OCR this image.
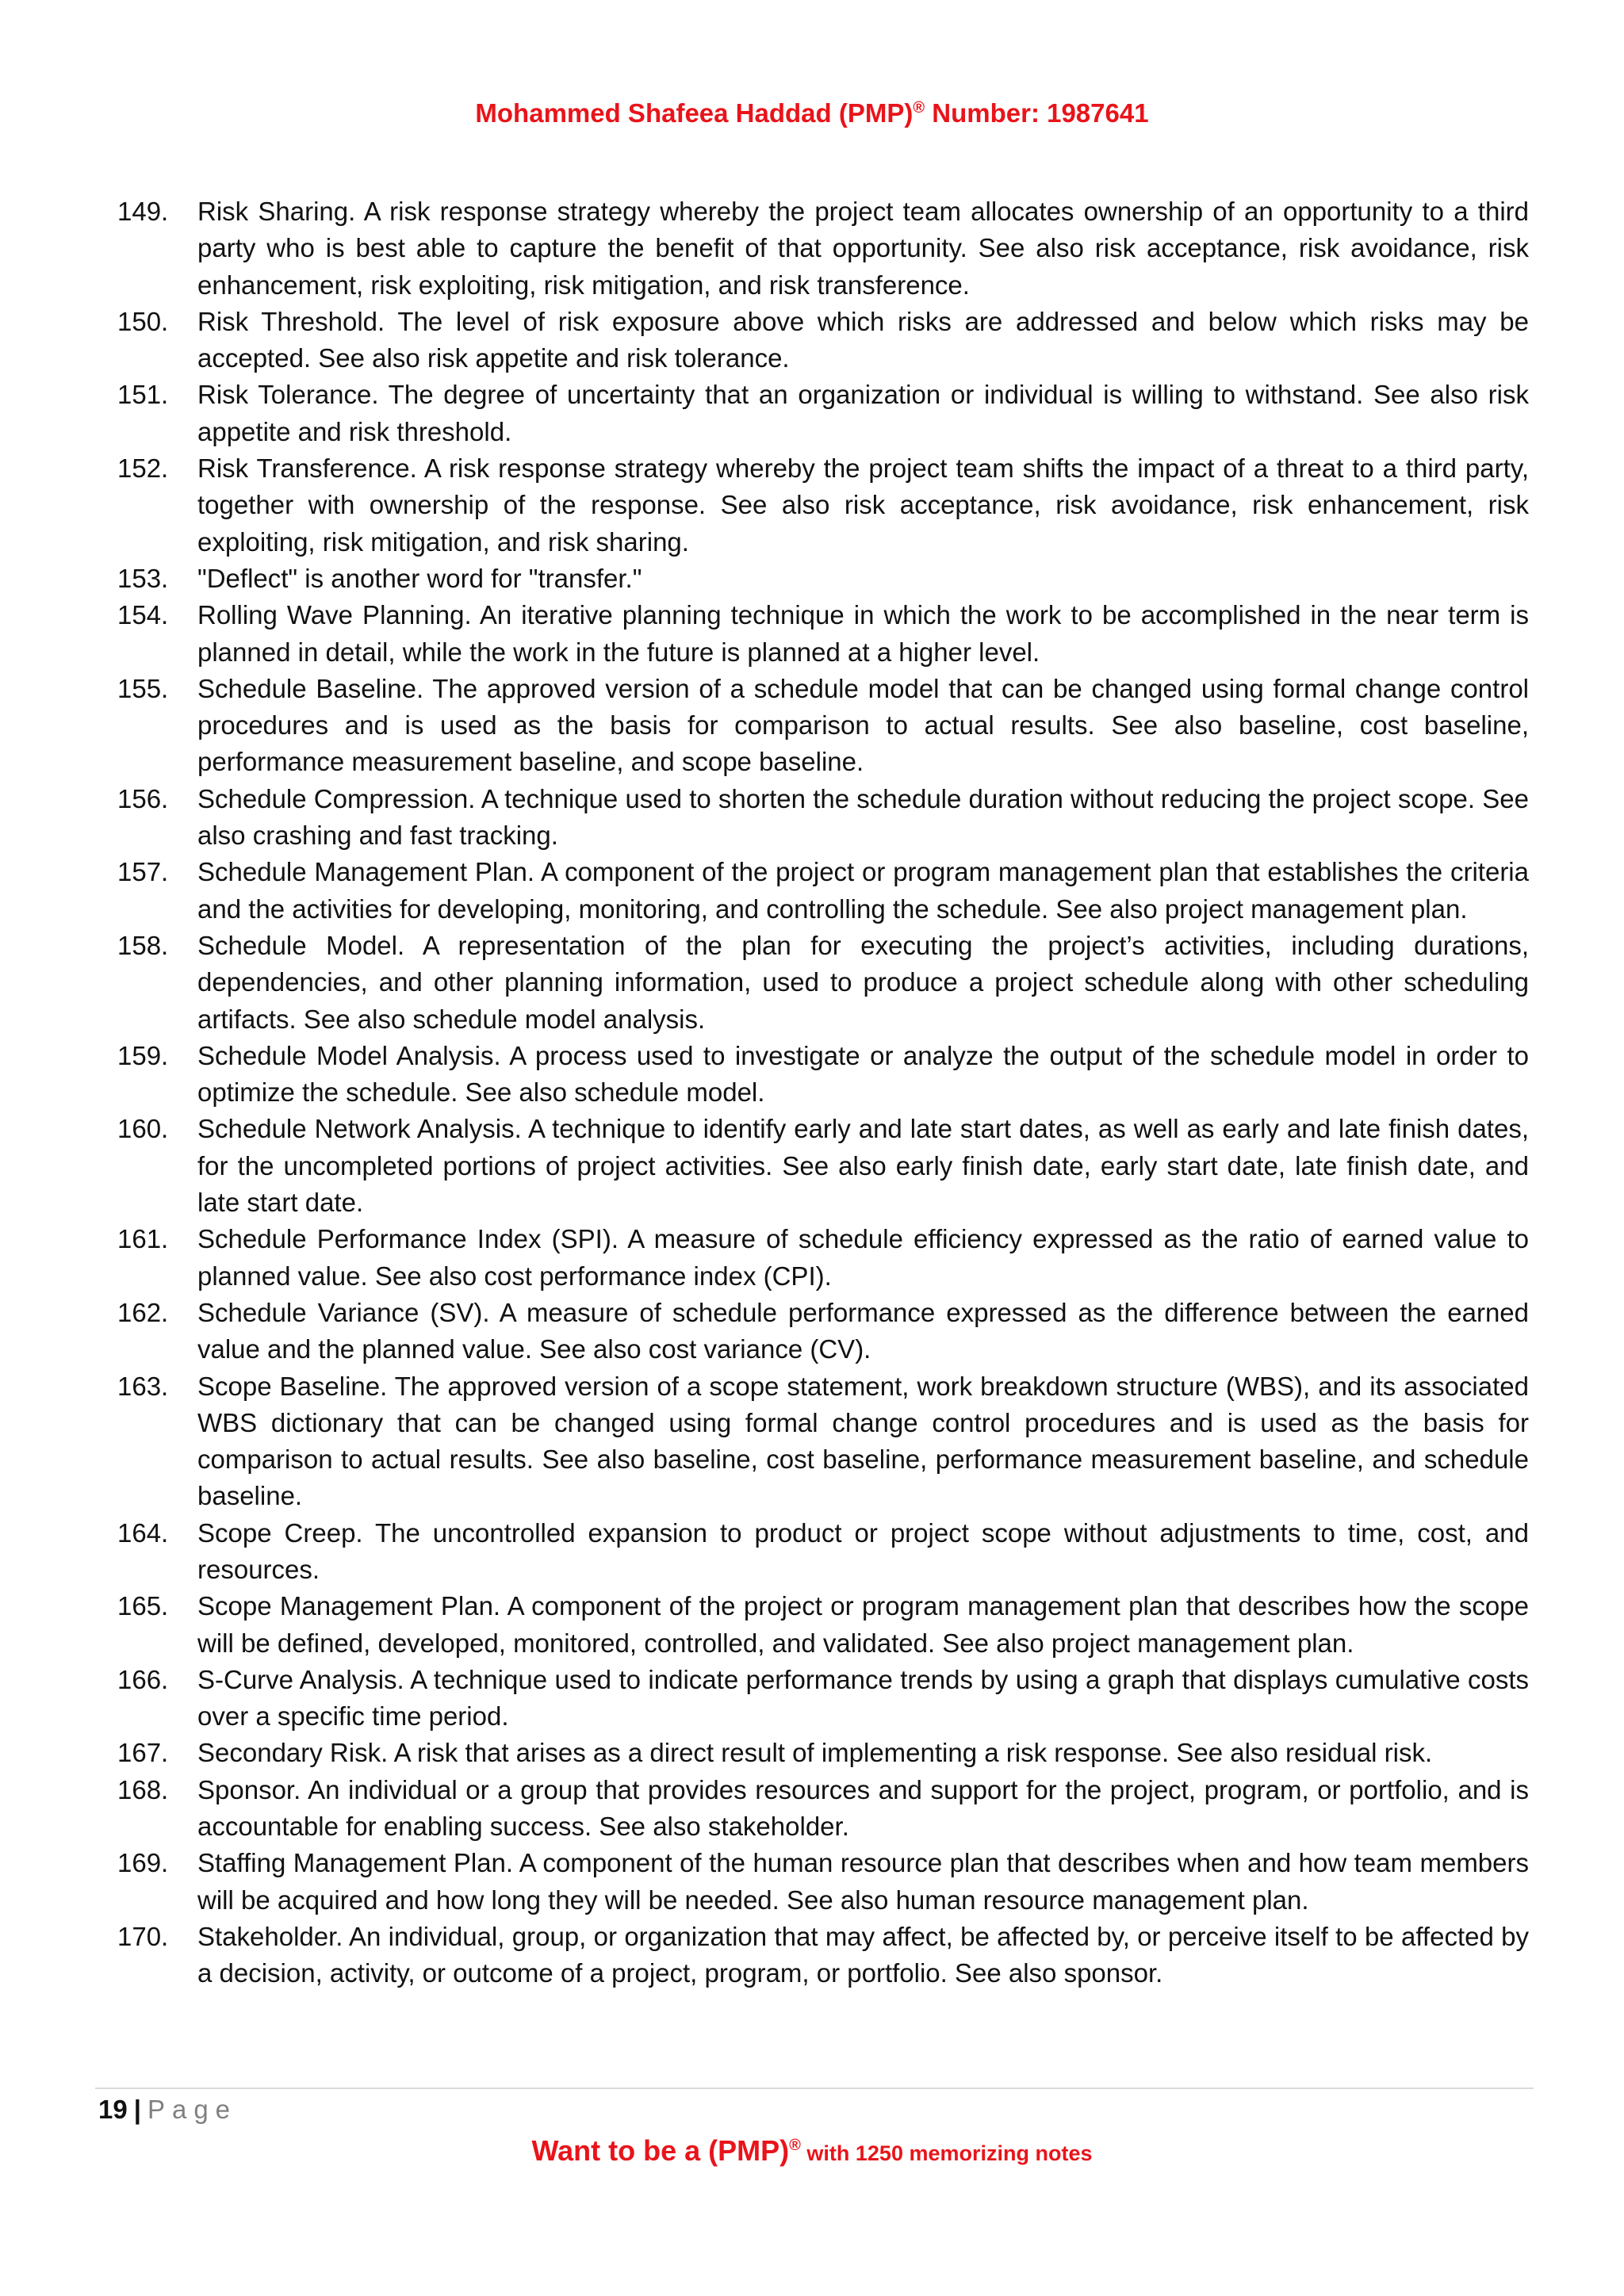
Mohammed Shafeea Haddad (PMP)® Number: 1987641
149.	Risk Sharing. A risk response strategy whereby the project team allocates ownership of an opportunity to a third party who is best able to capture the benefit of that opportunity. See also risk acceptance, risk avoidance, risk enhancement, risk exploiting, risk mitigation, and risk transference.
150.	Risk Threshold. The level of risk exposure above which risks are addressed and below which risks may be accepted. See also risk appetite and risk tolerance.
151.	Risk Tolerance. The degree of uncertainty that an organization or individual is willing to withstand. See also risk appetite and risk threshold.
152.	Risk Transference. A risk response strategy whereby the project team shifts the impact of a threat to a third party, together with ownership of the response. See also risk acceptance, risk avoidance, risk enhancement, risk exploiting, risk mitigation, and risk sharing.
153.	"Deflect" is another word for "transfer."
154.	Rolling Wave Planning. An iterative planning technique in which the work to be accomplished in the near term is planned in detail, while the work in the future is planned at a higher level.
155.	Schedule Baseline. The approved version of a schedule model that can be changed using formal change control procedures and is used as the basis for comparison to actual results. See also baseline, cost baseline, performance measurement baseline, and scope baseline.
156.	Schedule Compression. A technique used to shorten the schedule duration without reducing the project scope. See also crashing and fast tracking.
157.	Schedule Management Plan. A component of the project or program management plan that establishes the criteria and the activities for developing, monitoring, and controlling the schedule. See also project management plan.
158.	Schedule Model. A representation of the plan for executing the project’s activities, including durations, dependencies, and other planning information, used to produce a project schedule along with other scheduling artifacts. See also schedule model analysis.
159.	Schedule Model Analysis. A process used to investigate or analyze the output of the schedule model in order to optimize the schedule. See also schedule model.
160.	Schedule Network Analysis. A technique to identify early and late start dates, as well as early and late finish dates, for the uncompleted portions of project activities. See also early finish date, early start date, late finish date, and late start date.
161.	Schedule Performance Index (SPI). A measure of schedule efficiency expressed as the ratio of earned value to planned value. See also cost performance index (CPI).
162.	Schedule Variance (SV). A measure of schedule performance expressed as the difference between the earned value and the planned value. See also cost variance (CV).
163.	Scope Baseline. The approved version of a scope statement, work breakdown structure (WBS), and its associated WBS dictionary that can be changed using formal change control procedures and is used as the basis for comparison to actual results. See also baseline, cost baseline, performance measurement baseline, and schedule baseline.
164.	Scope Creep. The uncontrolled expansion to product or project scope without adjustments to time, cost, and resources.
165.	Scope Management Plan. A component of the project or program management plan that describes how the scope will be defined, developed, monitored, controlled, and validated. See also project management plan.
166.	S-Curve Analysis. A technique used to indicate performance trends by using a graph that displays cumulative costs over a specific time period.
167.	Secondary Risk. A risk that arises as a direct result of implementing a risk response. See also residual risk.
168.	Sponsor. An individual or a group that provides resources and support for the project, program, or portfolio, and is accountable for enabling success. See also stakeholder.
169.	Staffing Management Plan. A component of the human resource plan that describes when and how team members will be acquired and how long they will be needed. See also human resource management plan.
170.	Stakeholder. An individual, group, or organization that may affect, be affected by, or perceive itself to be affected by a decision, activity, or outcome of a project, program, or portfolio. See also sponsor.
19 | Page
Want to be a (PMP)® with 1250 memorizing notes
